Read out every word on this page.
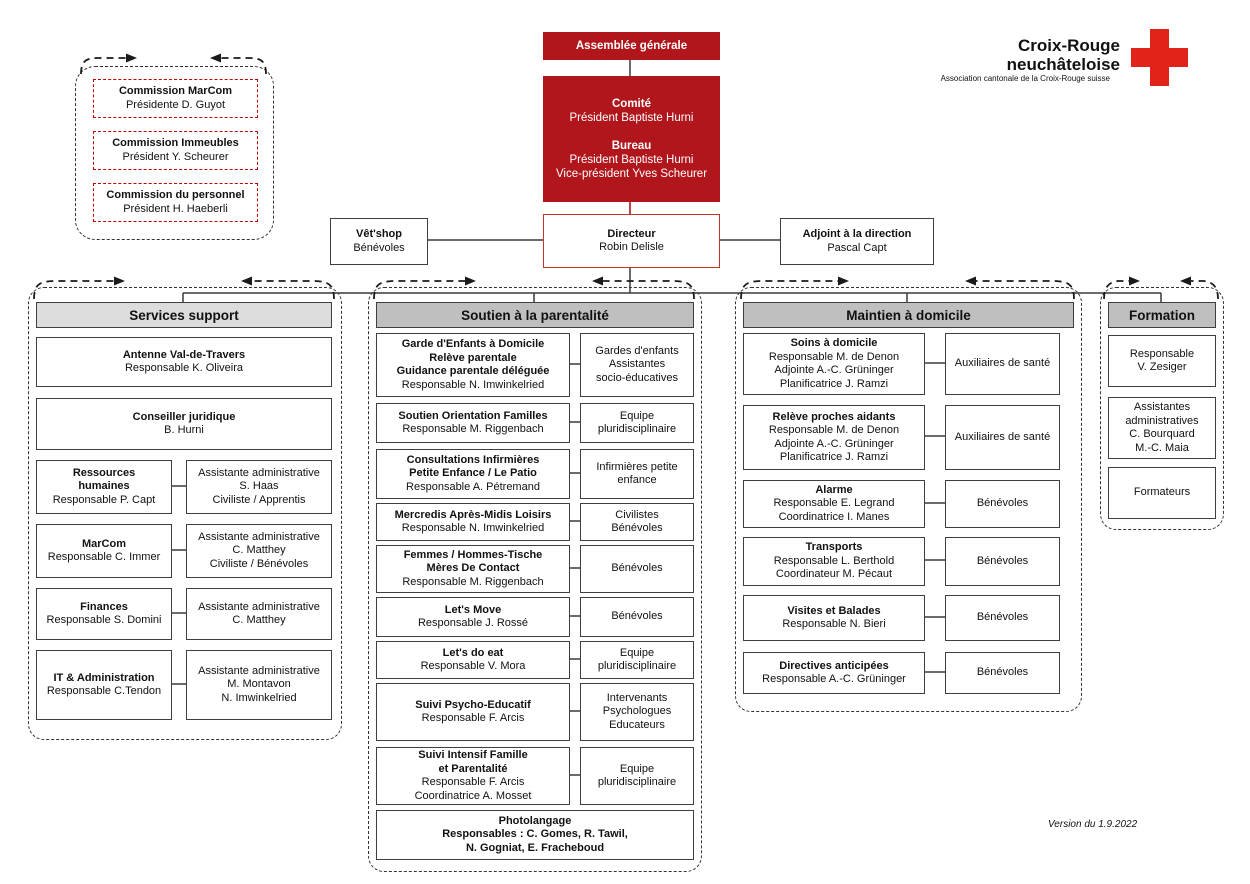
Croix-Rouge neuchâteloise
Association cantonale de la Croix-Rouge suisse
Assemblée générale
Comité
Président Baptiste Hurni

Bureau
Président Baptiste Hurni
Vice-président Yves Scheurer
Directeur
Robin Delisle
Vêt'shop
Bénévoles
Adjoint à la direction
Pascal Capt
Commission MarCom
Présidente D. Guyot
Commission Immeubles
Président Y. Scheurer
Commission du personnel
Président H. Haeberli
Services support	Soutien à la parentalité	Maintien à domicile	Formation
Antenne Val-de-Travers
Responsable K. Oliveira
Conseiller juridique
B. Hurni
Ressources
humaines
Responsable P. Capt
Assistante administrative
S. Haas
Civiliste / Apprentis
MarCom
Responsable C. Immer
Assistante administrative
C. Matthey
Civiliste / Bénévoles
Finances
Responsable S. Domini
Assistante administrative
C. Matthey
IT & Administration
Responsable C.Tendon
Assistante administrative
M. Montavon
N. Imwinkelried
Garde d'Enfants à Domicile
Relève parentale
Guidance parentale déléguée
Responsable N. Imwinkelried
Gardes d'enfants
Assistantes
socio-éducatives
Soutien Orientation Familles
Responsable M. Riggenbach
Equipe
pluridisciplinaire
Consultations Infirmières
Petite Enfance / Le Patio
Responsable A. Pétremand
Infirmières petite
enfance
Mercredis Après-Midis Loisirs
Responsable N. Imwinkelried
Civilistes
Bénévoles
Femmes / Hommes-Tische
Mères De Contact
Responsable M. Riggenbach
Bénévoles
Let's Move
Responsable J. Rossé
Bénévoles
Let's do eat
Responsable V. Mora
Equipe
pluridisciplinaire
Suivi Psycho-Educatif
Responsable F. Arcis
Intervenants
Psychologues
Educateurs
Suivi Intensif Famille
et Parentalité
Responsable F. Arcis
Coordinatrice A. Mosset
Equipe
pluridisciplinaire
Photolangage
Responsables : C. Gomes, R. Tawil,
N. Gogniat, E. Fracheboud
Soins à domicile
Responsable M. de Denon
Adjointe A.-C. Grüninger
Planificatrice J. Ramzi
Auxiliaires de santé
Relève proches aidants
Responsable M. de Denon
Adjointe A.-C. Grüninger
Planificatrice J. Ramzi
Auxiliaires de santé
Alarme
Responsable E. Legrand
Coordinatrice I. Manes
Bénévoles
Transports
Responsable L. Berthold
Coordinateur M. Pécaut
Bénévoles
Visites et Balades
Responsable N. Bieri
Bénévoles
Directives anticipées
Responsable A.-C. Grüninger
Bénévoles
Responsable
V. Zesiger
Assistantes
administratives
C. Bourquard
M.-C. Maia
Formateurs
Version du 1.9.2022
